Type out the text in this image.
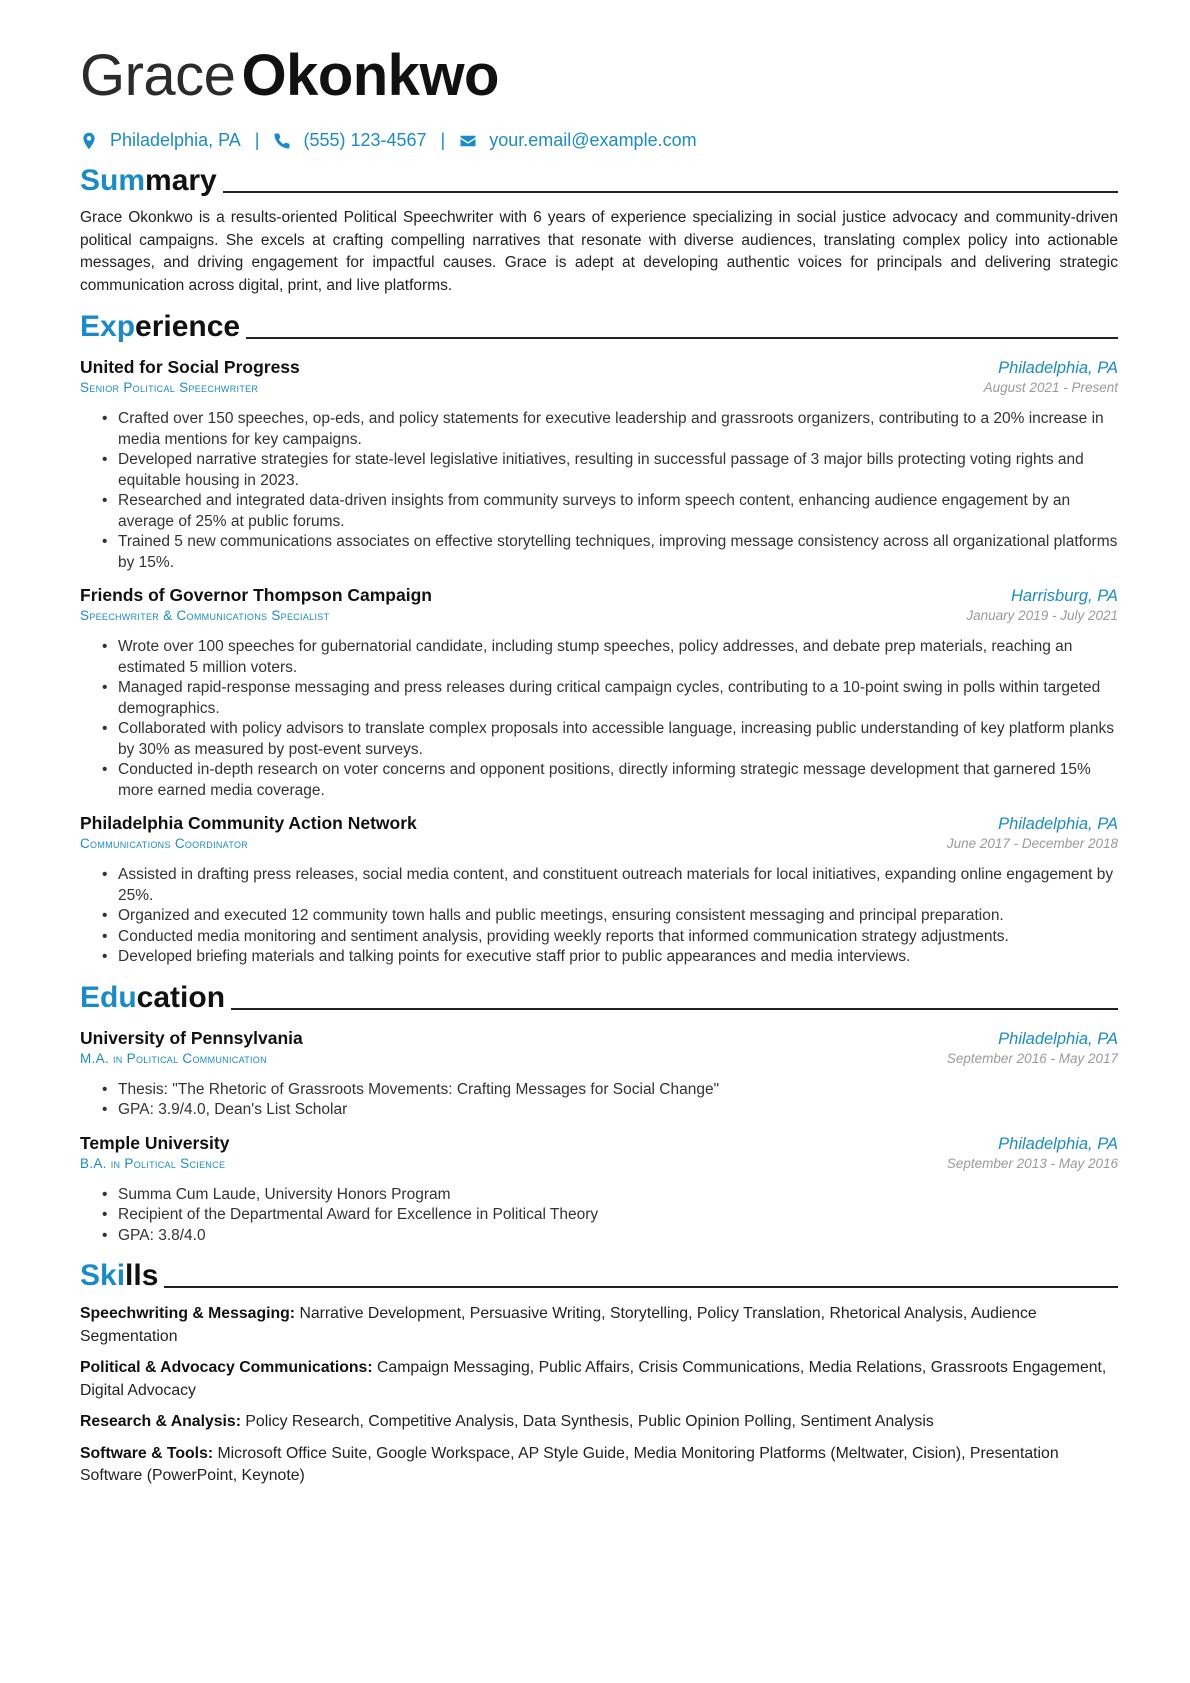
Grace Okonkwo
Philadelphia, PA | (555) 123-4567 | your.email@example.com
Summary

Grace Okonkwo is a results-oriented Political Speechwriter with 6 years of experience specializing in social justice advocacy and community-driven political campaigns. She excels at crafting compelling narratives that resonate with diverse audiences, translating complex policy into actionable messages, and driving engagement for impactful causes. Grace is adept at developing authentic voices for principals and delivering strategic communication across digital, print, and live platforms.

Experience
United for Social Progress	Philadelphia, PA
Senior Political Speechwriter	August 2021 - Present
• Crafted over 150 speeches, op-eds, and policy statements for executive leadership and grassroots organizers, contributing to a 20% increase in media mentions for key campaigns.
• Developed narrative strategies for state-level legislative initiatives, resulting in successful passage of 3 major bills protecting voting rights and equitable housing in 2023.
• Researched and integrated data-driven insights from community surveys to inform speech content, enhancing audience engagement by an average of 25% at public forums.
• Trained 5 new communications associates on effective storytelling techniques, improving message consistency across all organizational platforms by 15%.
Friends of Governor Thompson Campaign	Harrisburg, PA
Speechwriter & Communications Specialist	January 2019 - July 2021
• Wrote over 100 speeches for gubernatorial candidate, including stump speeches, policy addresses, and debate prep materials, reaching an estimated 5 million voters.
• Managed rapid-response messaging and press releases during critical campaign cycles, contributing to a 10-point swing in polls within targeted demographics.
• Collaborated with policy advisors to translate complex proposals into accessible language, increasing public understanding of key platform planks by 30% as measured by post-event surveys.
• Conducted in-depth research on voter concerns and opponent positions, directly informing strategic message development that garnered 15% more earned media coverage.
Philadelphia Community Action Network	Philadelphia, PA
Communications Coordinator	June 2017 - December 2018
• Assisted in drafting press releases, social media content, and constituent outreach materials for local initiatives, expanding online engagement by 25%.
• Organized and executed 12 community town halls and public meetings, ensuring consistent messaging and principal preparation.
• Conducted media monitoring and sentiment analysis, providing weekly reports that informed communication strategy adjustments.
• Developed briefing materials and talking points for executive staff prior to public appearances and media interviews.
Education
University of Pennsylvania	Philadelphia, PA
M.A. in Political Communication	September 2016 - May 2017
• Thesis: "The Rhetoric of Grassroots Movements: Crafting Messages for Social Change"
• GPA: 3.9/4.0, Dean's List Scholar
Temple University	Philadelphia, PA
B.A. in Political Science	September 2013 - May 2016
• Summa Cum Laude, University Honors Program
• Recipient of the Departmental Award for Excellence in Political Theory
• GPA: 3.8/4.0
Skills

Speechwriting & Messaging: Narrative Development, Persuasive Writing, Storytelling, Policy Translation, Rhetorical Analysis, Audience Segmentation

Political & Advocacy Communications: Campaign Messaging, Public Affairs, Crisis Communications, Media Relations, Grassroots Engagement, Digital Advocacy

Research & Analysis: Policy Research, Competitive Analysis, Data Synthesis, Public Opinion Polling, Sentiment Analysis

Software & Tools: Microsoft Office Suite, Google Workspace, AP Style Guide, Media Monitoring Platforms (Meltwater, Cision), Presentation Software (PowerPoint, Keynote)
